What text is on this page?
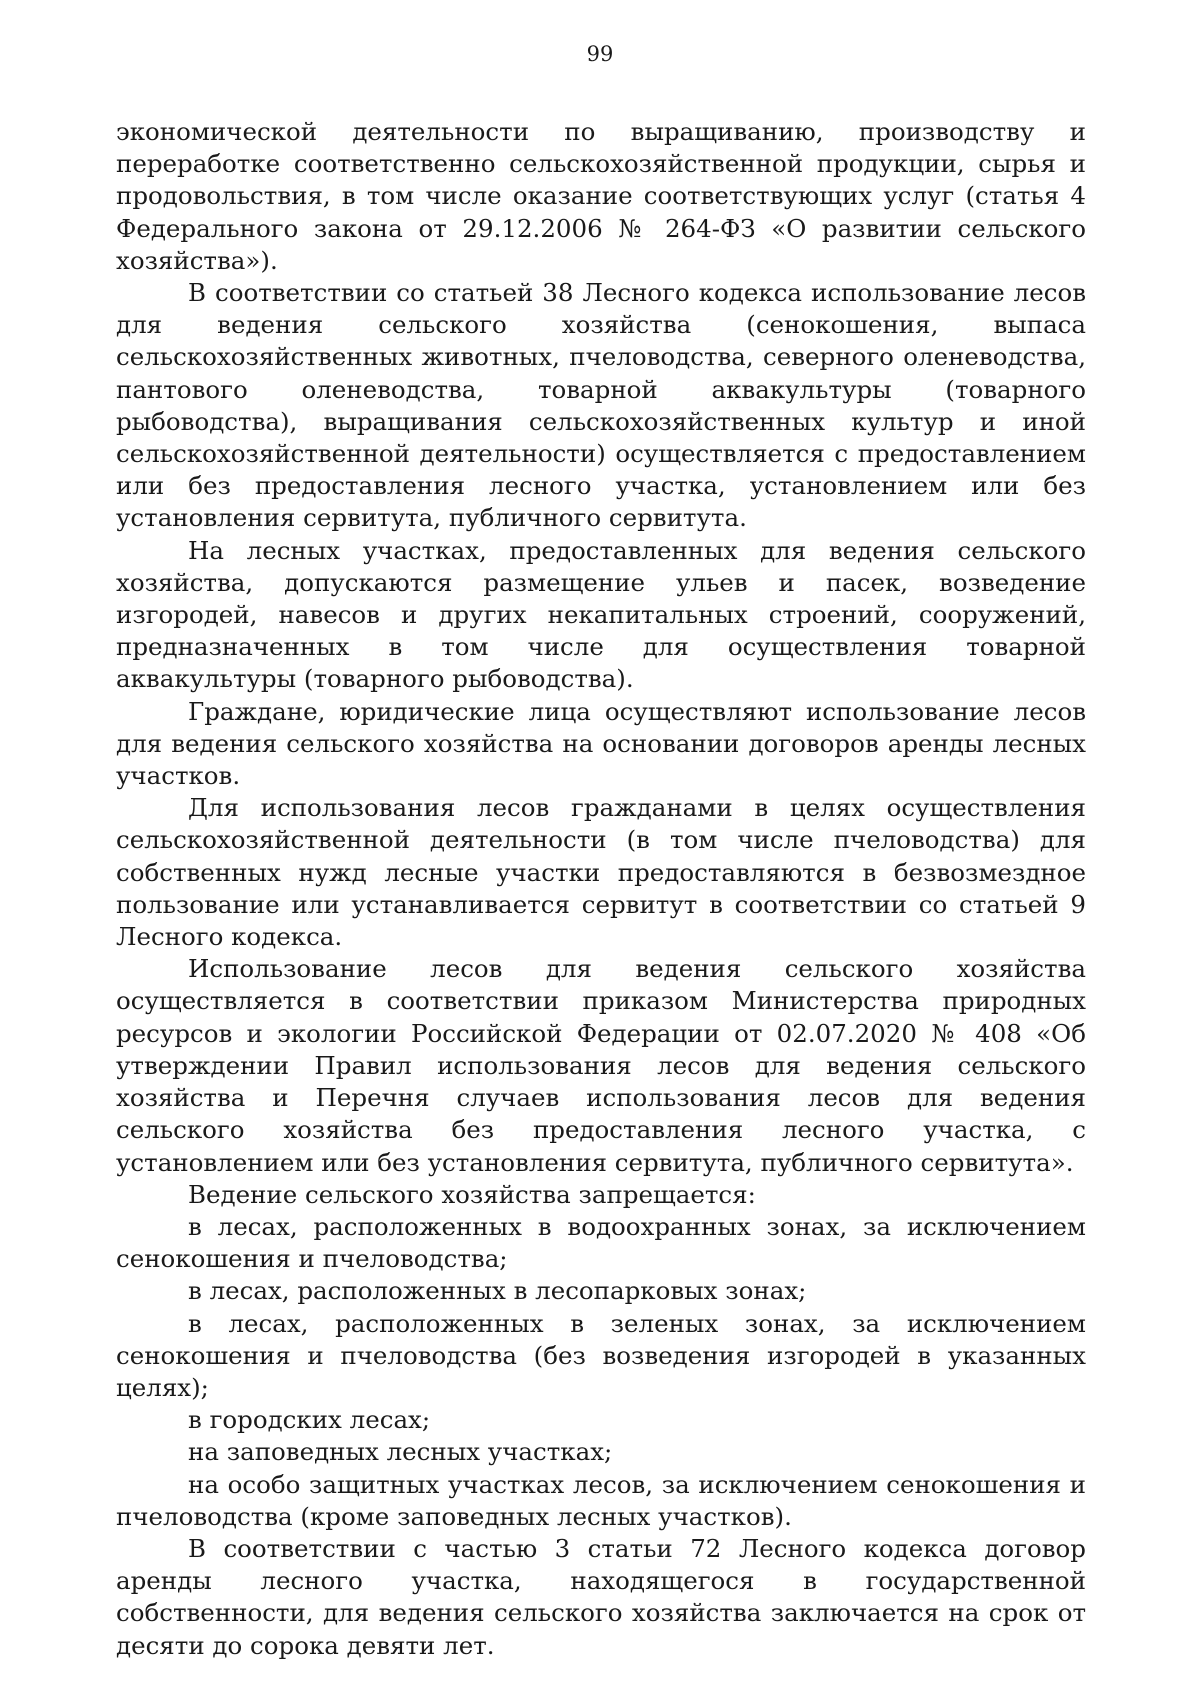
99

экономической деятельности по выращиванию, производству и переработке соответственно сельскохозяйственной продукции, сырья и продовольствия, в том числе оказание соответствующих услуг (статья 4 Федерального закона от 29.12.2006 № 264-ФЗ «О развитии сельского хозяйства»).

В соответствии со статьей 38 Лесного кодекса использование лесов для ведения сельского хозяйства (сенокошения, выпаса сельскохозяйственных животных, пчеловодства, северного оленеводства, пантового оленеводства, товарной аквакультуры (товарного рыбоводства), выращивания сельскохозяйственных культур и иной сельскохозяйственной деятельности) осуществляется с предоставлением или без предоставления лесного участка, установлением или без установления сервитута, публичного сервитута.

На лесных участках, предоставленных для ведения сельского хозяйства, допускаются размещение ульев и пасек, возведение изгородей, навесов и других некапитальных строений, сооружений, предназначенных в том числе для осуществления товарной аквакультуры (товарного рыбоводства).

Граждане, юридические лица осуществляют использование лесов для ведения сельского хозяйства на основании договоров аренды лесных участков.

Для использования лесов гражданами в целях осуществления сельскохозяйственной деятельности (в том числе пчеловодства) для собственных нужд лесные участки предоставляются в безвозмездное пользование или устанавливается сервитут в соответствии со статьей 9 Лесного кодекса.

Использование лесов для ведения сельского хозяйства осуществляется в соответствии приказом Министерства природных ресурсов и экологии Российской Федерации от 02.07.2020 № 408 «Об утверждении Правил использования лесов для ведения сельского хозяйства и Перечня случаев использования лесов для ведения сельского хозяйства без предоставления лесного участка, с установлением или без установления сервитута, публичного сервитута».

Ведение сельского хозяйства запрещается:

в лесах, расположенных в водоохранных зонах, за исключением сенокошения и пчеловодства;

в лесах, расположенных в лесопарковых зонах;

в лесах, расположенных в зеленых зонах, за исключением сенокошения и пчеловодства (без возведения изгородей в указанных целях);

в городских лесах;

на заповедных лесных участках;

на особо защитных участках лесов, за исключением сенокошения и пчеловодства (кроме заповедных лесных участков).

В соответствии с частью 3 статьи 72 Лесного кодекса договор аренды лесного участка, находящегося в государственной собственности, для ведения сельского хозяйства заключается на срок от десяти до сорока девяти лет.
